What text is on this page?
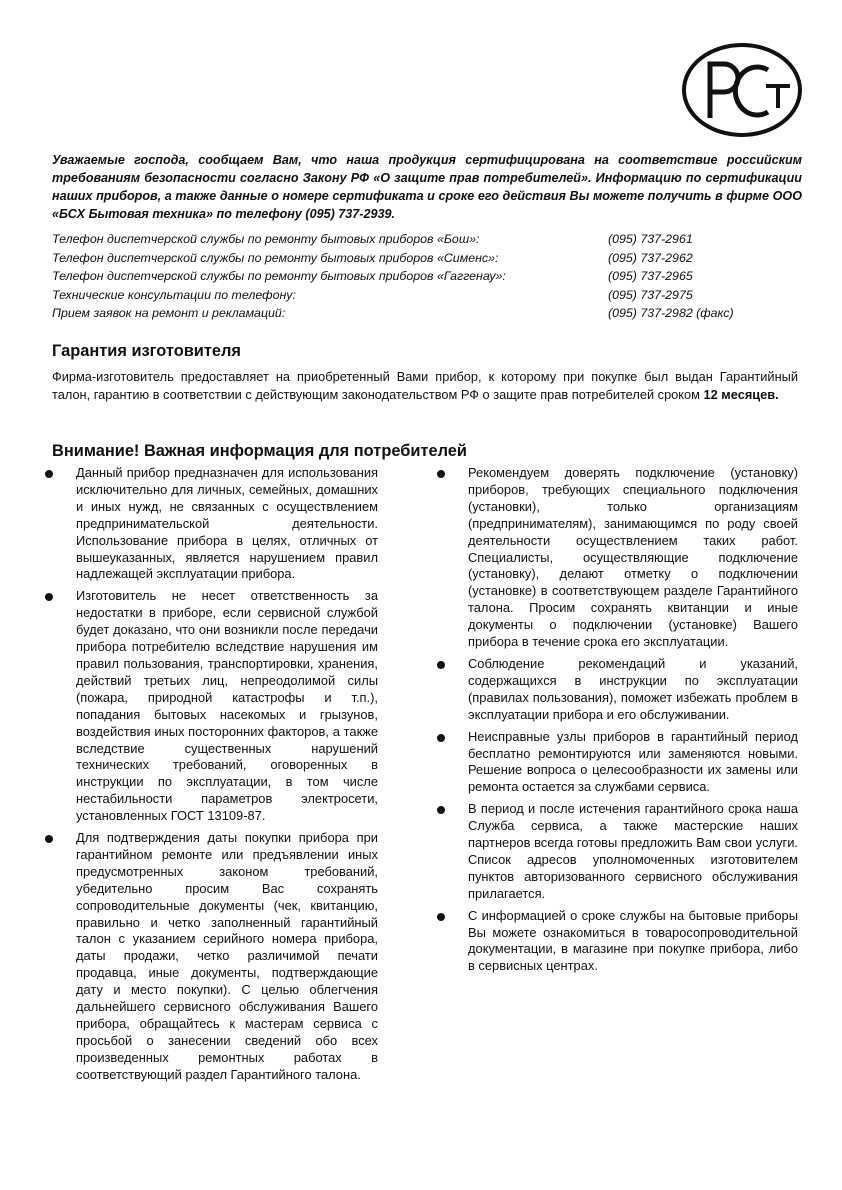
Уважаемые господа, сообщаем Вам, что наша продукция сертифицирована на соответствие российским требованиям безопасности согласно Закону РФ «О защите прав потребителей». Информацию по сертификации наших приборов, а также данные о номере сертификата и сроке его действия Вы можете получить в фирме ООО «БСХ Бытовая техника» по телефону (095) 737-2939.

Телефон диспетчерской службы по ремонту бытовых приборов «Бош»:	(095) 737-2961
Телефон диспетчерской службы по ремонту бытовых приборов «Сименс»:	(095) 737-2962
Телефон диспетчерской службы по ремонту бытовых приборов «Гаггенау»:	(095) 737-2965
Технические консультации по телефону:	(095) 737-2975
Прием заявок на ремонт и рекламаций:	(095) 737-2982 (факс)
Гарантия изготовителя

Фирма-изготовитель предоставляет на приобретенный Вами прибор, к которому при покупке был выдан Гарантийный талон, гарантию в соответствии с действующим законодательством РФ о защите прав потребителей сроком 12 месяцев.

Внимание! Важная информация для потребителей
Данный прибор предназначен для использования исключительно для личных, семейных, домашних и иных нужд, не связанных с осуществлением предпринимательской деятельности. Использование прибора в целях, отличных от вышеуказанных, является нарушением правил надлежащей эксплуатации прибора.
Изготовитель не несет ответственность за недостатки в приборе, если сервисной службой будет доказано, что они возникли после передачи прибора потребителю вследствие нарушения им правил пользования, транспортировки, хранения, действий третьих лиц, непреодолимой силы (пожара, природной катастрофы и т.п.), попадания бытовых насекомых и грызунов, воздействия иных посторонних факторов, а также вследствие существенных нарушений технических требований, оговоренных в инструкции по эксплуатации, в том числе нестабильности параметров электросети, установленных ГОСТ 13109-87.
Для подтверждения даты покупки прибора при гарантийном ремонте или предъявлении иных предусмотренных законом требований, убедительно просим Вас сохранять сопроводительные документы (чек, квитанцию, правильно и четко заполненный гарантийный талон с указанием серийного номера прибора, даты продажи, четко различимой печати продавца, иные документы, подтверждающие дату и место покупки). С целью облегчения дальнейшего сервисного обслуживания Вашего прибора, обращайтесь к мастерам сервиса с просьбой о занесении сведений обо всех произведенных ремонтных работах в соответствующий раздел Гарантийного талона.
Рекомендуем доверять подключение (установку) приборов, требующих специального подключения (установки), только организациям (предпринимателям), занимающимся по роду своей деятельности осуществлением таких работ. Специалисты, осуществляющие подключение (установку), делают отметку о подключении (установке) в соответствующем разделе Гарантийного талона. Просим сохранять квитанции и иные документы о подключении (установке) Вашего прибора в течение срока его эксплуатации.
Соблюдение рекомендаций и указаний, содержащихся в инструкции по эксплуатации (правилах пользования), поможет избежать проблем в эксплуатации прибора и его обслуживании.
Неисправные узлы приборов в гарантийный период бесплатно ремонтируются или заменяются новыми. Решение вопроса о целесообразности их замены или ремонта остается за службами сервиса.
В период и после истечения гарантийного срока наша Служба сервиса, а также мастерские наших партнеров всегда готовы предложить Вам свои услуги. Список адресов уполномоченных изготовителем пунктов авторизованного сервисного обслуживания прилагается.
С информацией о сроке службы на бытовые приборы Вы можете ознакомиться в товаросопроводительной документации, в магазине при покупке прибора, либо в сервисных центрах.
